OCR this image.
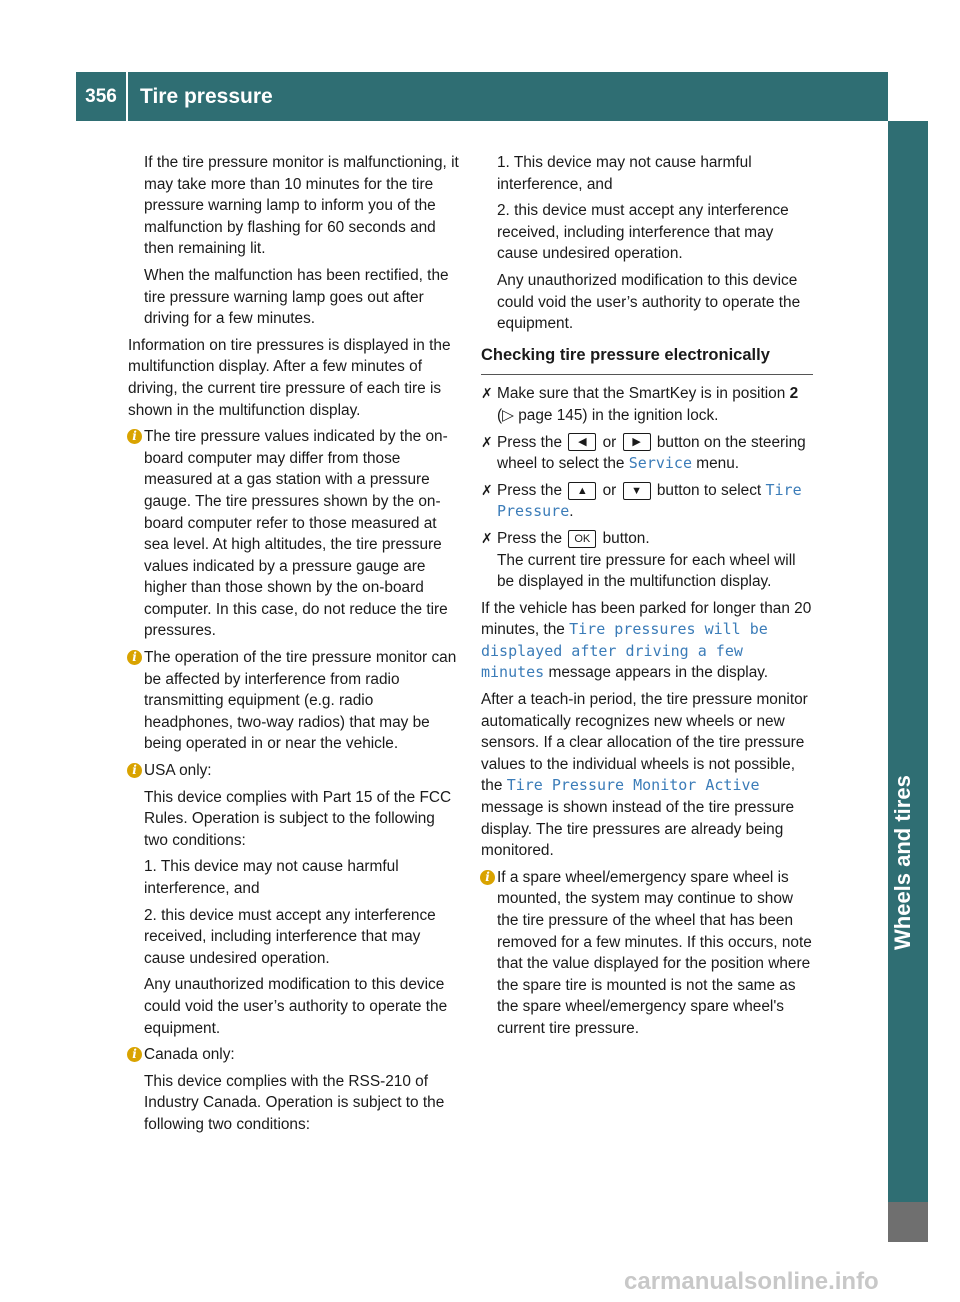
356	Tire pressure
Wheels and tires

If the tire pressure monitor is malfunctioning, it may take more than 10 minutes for the tire pressure warning lamp to inform you of the malfunction by flashing for 60 seconds and then remaining lit.

When the malfunction has been rectified, the tire pressure warning lamp goes out after driving for a few minutes.

Information on tire pressures is displayed in the multifunction display. After a few minutes of driving, the current tire pressure of each tire is shown in the multifunction display.

i The tire pressure values indicated by the on-board computer may differ from those measured at a gas station with a pressure gauge. The tire pressures shown by the on-board computer refer to those measured at sea level. At high altitudes, the tire pressure values indicated by a pressure gauge are higher than those shown by the on-board computer. In this case, do not reduce the tire pressures.
i The operation of the tire pressure monitor can be affected by interference from radio transmitting equipment (e.g. radio headphones, two-way radios) that may be being operated in or near the vehicle.
i USA only:

This device complies with Part 15 of the FCC Rules. Operation is subject to the following two conditions:

1. This device may not cause harmful interference, and

2. this device must accept any interference received, including interference that may cause undesired operation.

Any unauthorized modification to this device could void the user’s authority to operate the equipment.

i Canada only:

This device complies with the RSS-210 of Industry Canada. Operation is subject to the following two conditions:

1. This device may not cause harmful interference, and

2. this device must accept any interference received, including interference that may cause undesired operation.

Any unauthorized modification to this device could void the user’s authority to operate the equipment.

Checking tire pressure electronically
✗ Make sure that the SmartKey is in position 2 (▷ page 145) in the ignition lock.
✗ Press the ◀ or ▶ button on the steering wheel to select the Service menu.
✗ Press the ▲ or ▼ button to select Tire Pressure.
✗ Press the OK button.
The current tire pressure for each wheel will be displayed in the multifunction display.

If the vehicle has been parked for longer than 20 minutes, the Tire pressures will be displayed after driving a few minutes message appears in the display.

After a teach-in period, the tire pressure monitor automatically recognizes new wheels or new sensors. If a clear allocation of the tire pressure values to the individual wheels is not possible, the Tire Pressure Monitor Active message is shown instead of the tire pressure display. The tire pressures are already being monitored.

i If a spare wheel/emergency spare wheel is mounted, the system may continue to show the tire pressure of the wheel that has been removed for a few minutes. If this occurs, note that the value displayed for the position where the spare tire is mounted is not the same as the spare wheel/emergency spare wheel's current tire pressure.
carmanualsonline.info
